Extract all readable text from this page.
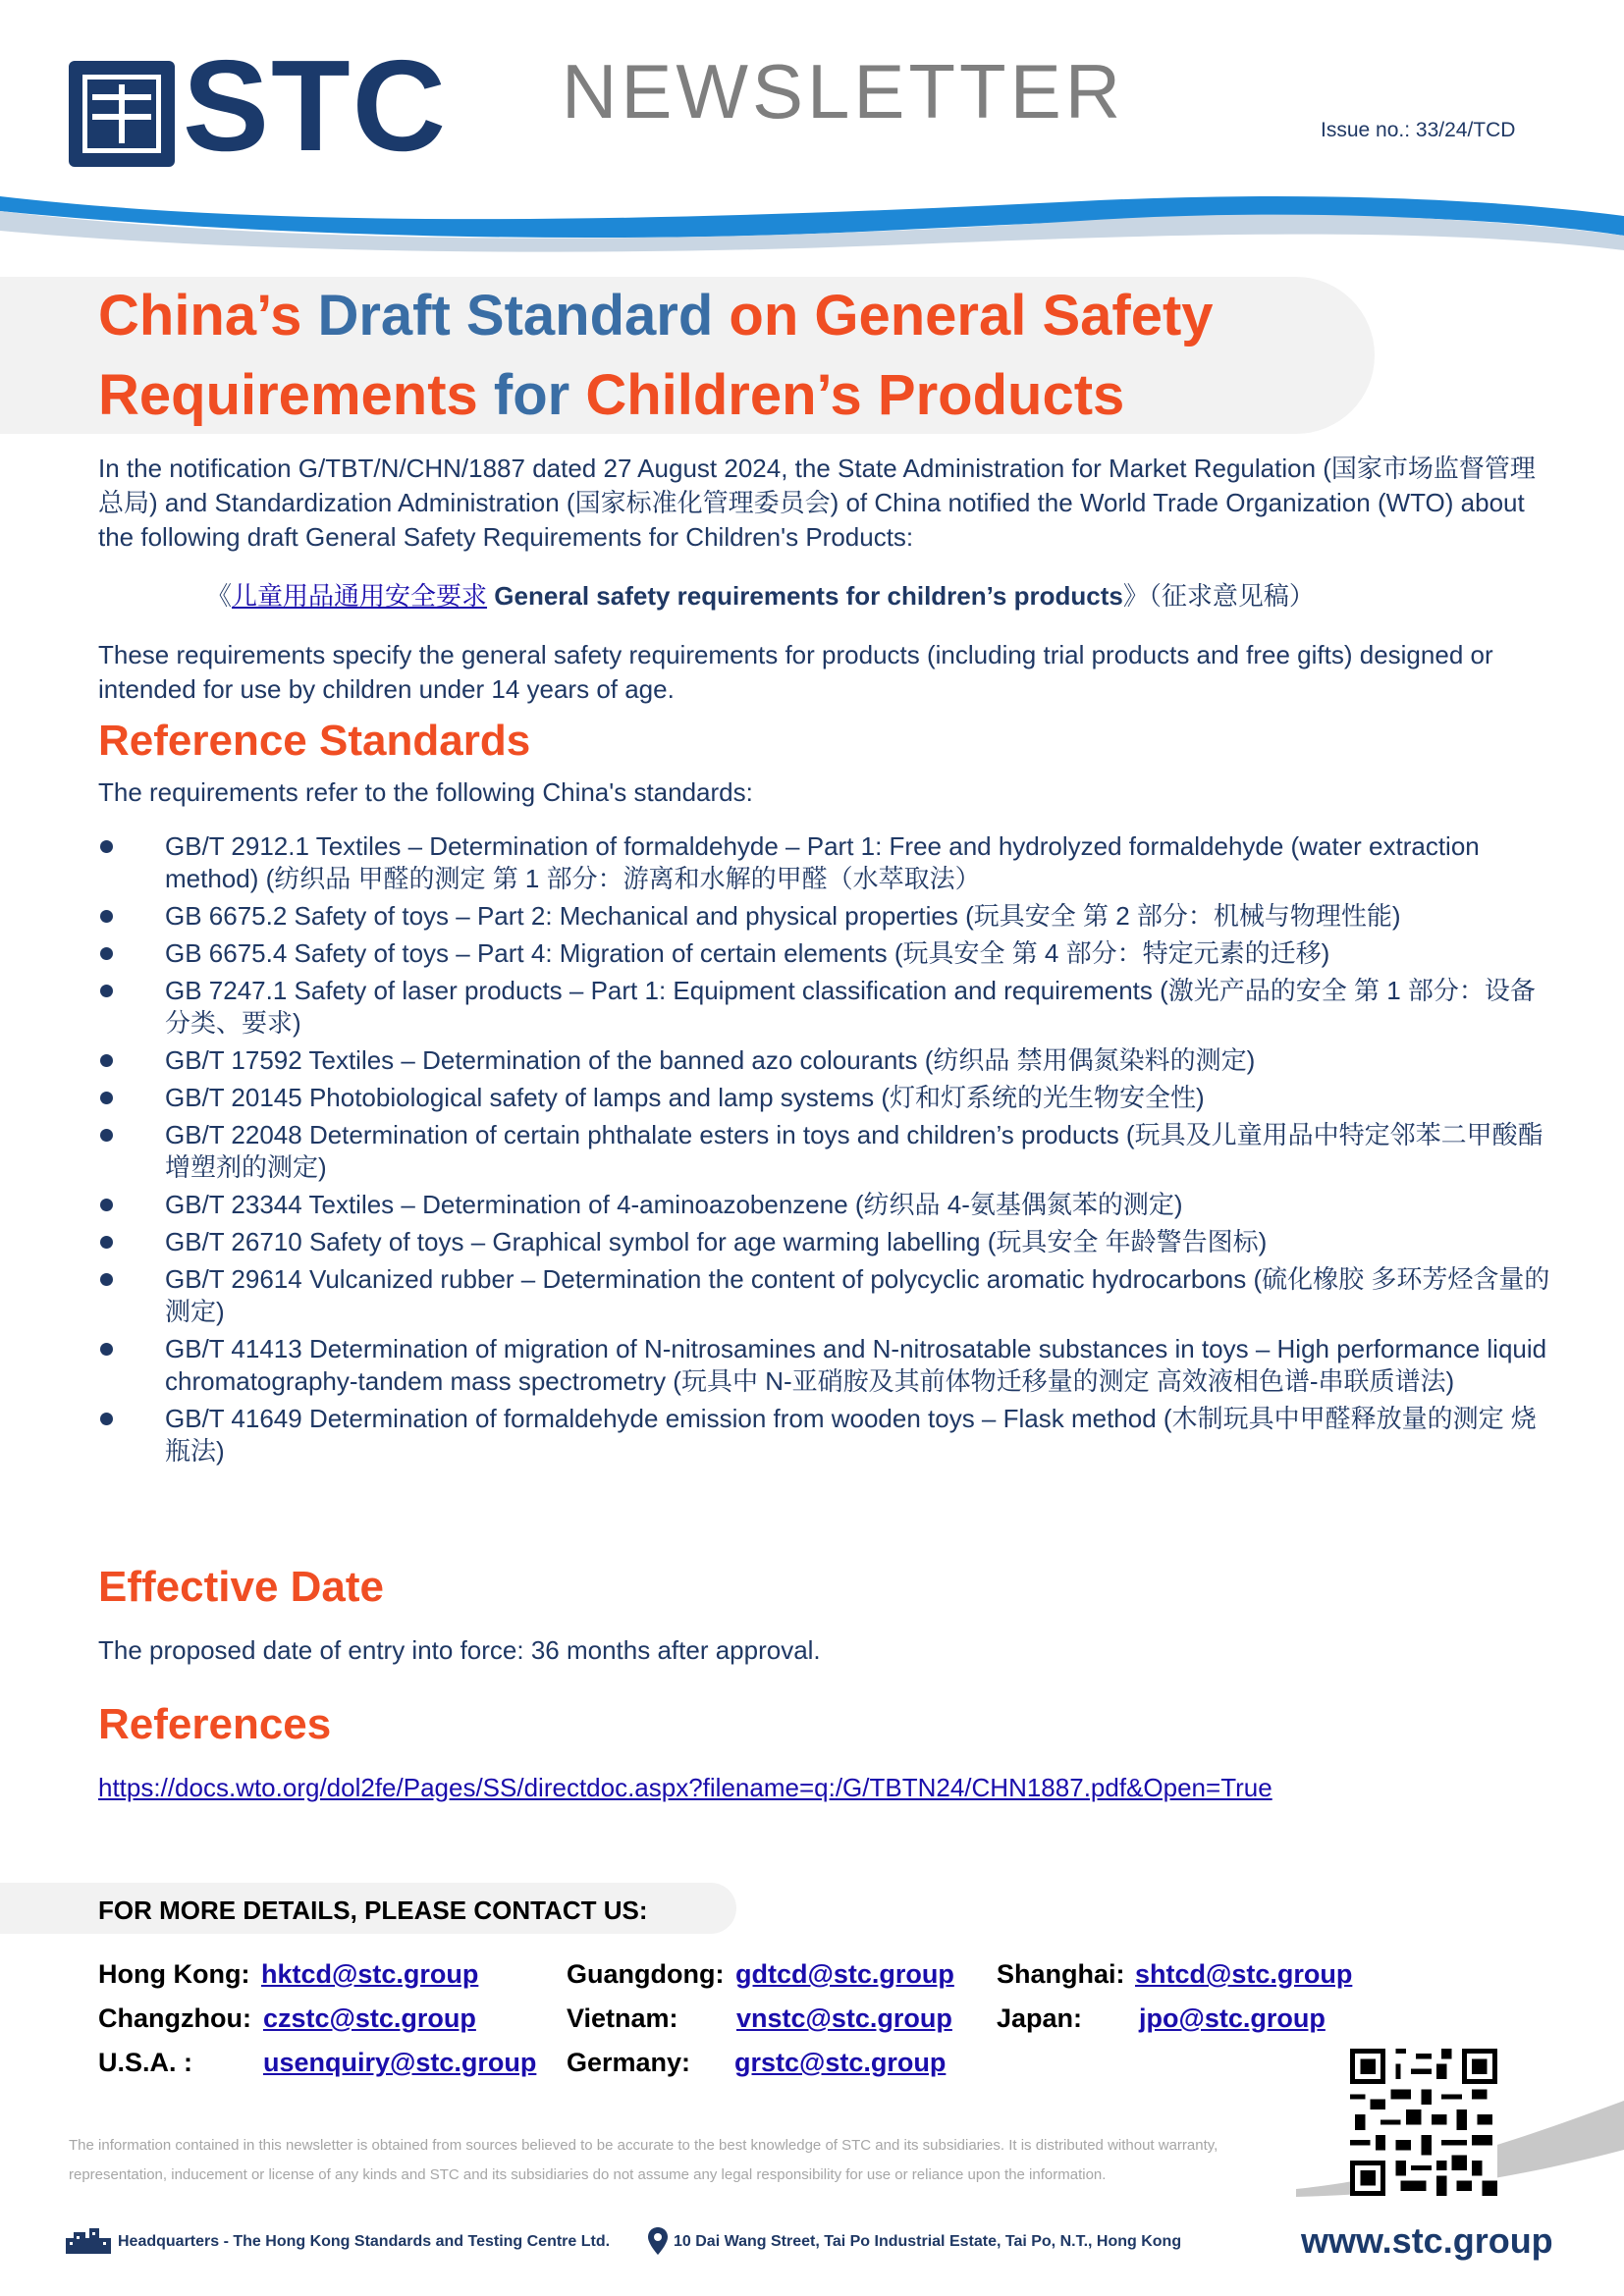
STC NEWSLETTER	Issue no.: 33/24/TCD
China’s Draft Standard on General Safety
Requirements for Children’s Products
In the notification G/TBT/N/CHN/1887 dated 27 August 2024, the State Administration for Market Regulation (国家市场监督管理总局) and Standardization Administration (国家标准化管理委员会) of China notified the World Trade Organization (WTO) about the following draft General Safety Requirements for Children's Products:
《儿童用品通用安全要求 General safety requirements for children’s products》（征求意见稿）
These requirements specify the general safety requirements for products (including trial products and free gifts) designed or intended for use by children under 14 years of age.
Reference Standards
The requirements refer to the following China's standards:
GB/T 2912.1 Textiles – Determination of formaldehyde – Part 1: Free and hydrolyzed formaldehyde (water extraction method) (纺织品 甲醛的测定 第 1 部分：游离和水解的甲醛（水萃取法）
GB 6675.2 Safety of toys – Part 2: Mechanical and physical properties (玩具安全 第 2 部分：机械与物理性能)
GB 6675.4 Safety of toys – Part 4: Migration of certain elements (玩具安全 第 4 部分：特定元素的迁移)
GB 7247.1 Safety of laser products – Part 1: Equipment classification and requirements (激光产品的安全 第 1 部分：设备分类、要求)
GB/T 17592 Textiles – Determination of the banned azo colourants (纺织品 禁用偶氮染料的测定)
GB/T 20145 Photobiological safety of lamps and lamp systems (灯和灯系统的光生物安全性)
GB/T 22048 Determination of certain phthalate esters in toys and children’s products (玩具及儿童用品中特定邻苯二甲酸酯增塑剂的测定)
GB/T 23344 Textiles – Determination of 4-aminoazobenzene (纺织品 4-氨基偶氮苯的测定)
GB/T 26710 Safety of toys – Graphical symbol for age warming labelling (玩具安全 年龄警告图标)
GB/T 29614 Vulcanized rubber – Determination the content of polycyclic aromatic hydrocarbons (硫化橡胶 多环芳烃含量的测定)
GB/T 41413 Determination of migration of N-nitrosamines and N-nitrosatable substances in toys – High performance liquid chromatography-tandem mass spectrometry (玩具中 N-亚硝胺及其前体物迁移量的测定 高效液相色谱-串联质谱法)
GB/T 41649 Determination of formaldehyde emission from wooden toys – Flask method (木制玩具中甲醛释放量的测定 烧瓶法)
Effective Date
The proposed date of entry into force: 36 months after approval.
References
https://docs.wto.org/dol2fe/Pages/SS/directdoc.aspx?filename=q:/G/TBTN24/CHN1887.pdf&Open=True
FOR MORE DETAILS, PLEASE CONTACT US:
Hong Kong: hktcd@stc.group	Guangdong: gdtcd@stc.group Shanghai: shtcd@stc.group
Changzhou: czstc@stc.group	Vietnam: vnstc@stc.group Japan: jpo@stc.group
U.S.A. :	usenquiry@stc.group Germany: grstc@stc.group
The information contained in this newsletter is obtained from sources believed to be accurate to the best knowledge of STC and its subsidiaries. It is distributed without warranty, representation, inducement or license of any kinds and STC and its subsidiaries do not assume any legal responsibility for use or reliance upon the information.
Headquarters - The Hong Kong Standards and Testing Centre Ltd.	10 Dai Wang Street, Tai Po Industrial Estate, Tai Po, N.T., Hong Kong	www.stc.group
